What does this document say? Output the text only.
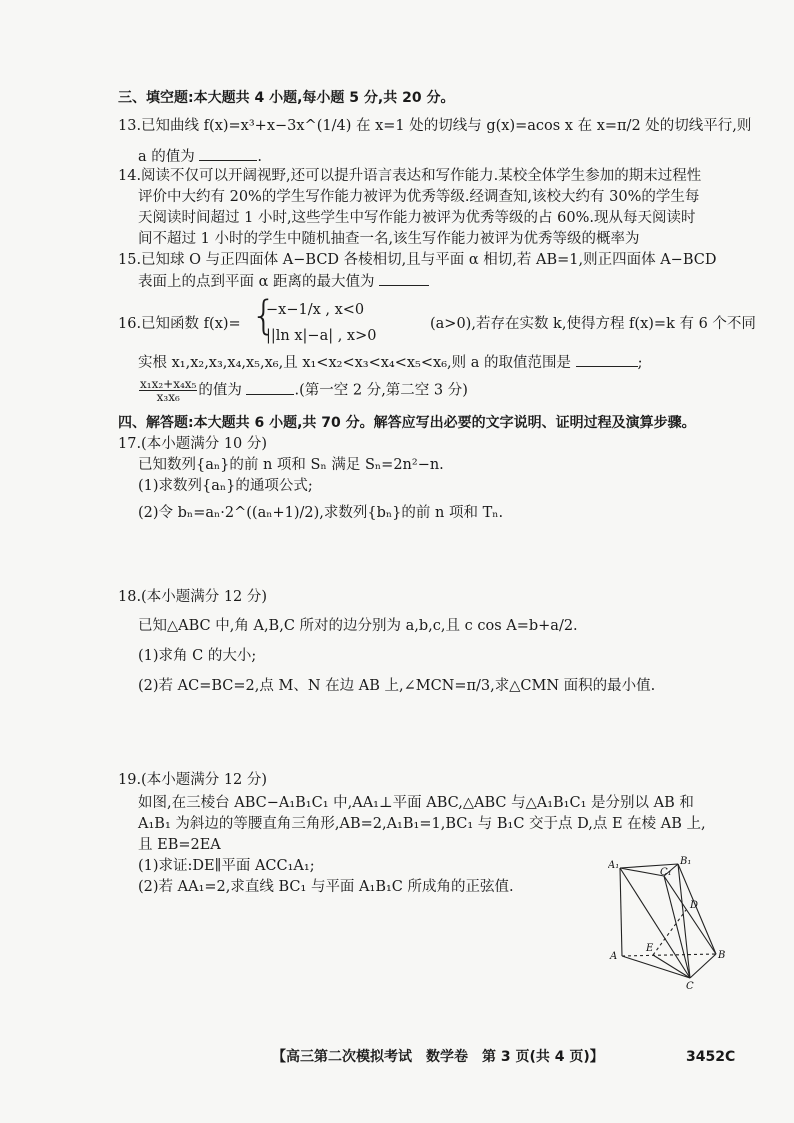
三、填空题:本大题共 4 小题,每小题 5 分,共 20 分。
13.已知曲线 f(x)=x³+x−3x^(1/4) 在 x=1 处的切线与 g(x)=acos x 在 x=π/2 处的切线平行,则
a 的值为	.
14.阅读不仅可以开阔视野,还可以提升语言表达和写作能力.某校全体学生参加的期末过程性
评价中大约有 20%的学生写作能力被评为优秀等级.经调查知,该校大约有 30%的学生每
天阅读时间超过 1 小时,这些学生中写作能力被评为优秀等级的占 60%.现从每天阅读时
间不超过 1 小时的学生中随机抽查一名,该生写作能力被评为优秀等级的概率为
15.已知球 O 与正四面体 A−BCD 各棱相切,且与平面 α 相切,若 AB=1,则正四面体 A−BCD
表面上的点到平面 α 距离的最大值为
16.已知函数 f(x)= {
−x−1/x , x<0
||ln x|−a| , x>0
(a>0),若存在实数 k,使得方程 f(x)=k 有 6 个不同
实根 x₁,x₂,x₃,x₄,x₅,x₆,且 x₁<x₂<x₃<x₄<x₅<x₆,则 a 的取值范围是	;
$\frac{\text{x₁x₂+x₄x₅}}{\text{x₃x₆}}$ 的值为	.(第一空 2 分,第二空 3 分)
四、解答题:本大题共 6 小题,共 70 分。解答应写出必要的文字说明、证明过程及演算步骤。
17.(本小题满分 10 分)
已知数列{aₙ}的前 n 项和 Sₙ 满足 Sₙ=2n²−n.
(1)求数列{aₙ}的通项公式;
(2)令 bₙ=aₙ·2^((aₙ+1)/2),求数列{bₙ}的前 n 项和 Tₙ.
18.(本小题满分 12 分)
已知△ABC 中,角 A,B,C 所对的边分别为 a,b,c,且 c cos A=b+a/2.
(1)求角 C 的大小;
(2)若 AC=BC=2,点 M、N 在边 AB 上,∠MCN=π/3,求△CMN 面积的最小值.
19.(本小题满分 12 分)
如图,在三棱台 ABC−A₁B₁C₁ 中,AA₁⊥平面 ABC,△ABC 与△A₁B₁C₁ 是分别以 AB 和
A₁B₁ 为斜边的等腰直角三角形,AB=2,A₁B₁=1,BC₁ 与 B₁C 交于点 D,点 E 在棱 AB 上,
且 EB=2EA
(1)求证:DE∥平面 ACC₁A₁;
(2)若 AA₁=2,求直线 BC₁ 与平面 A₁B₁C 所成角的正弦值.
A₁	B₁
C₁
D
E
A	B
C
【高三第二次模拟考试　数学卷　第 3 页(共 4 页)】	3452C
